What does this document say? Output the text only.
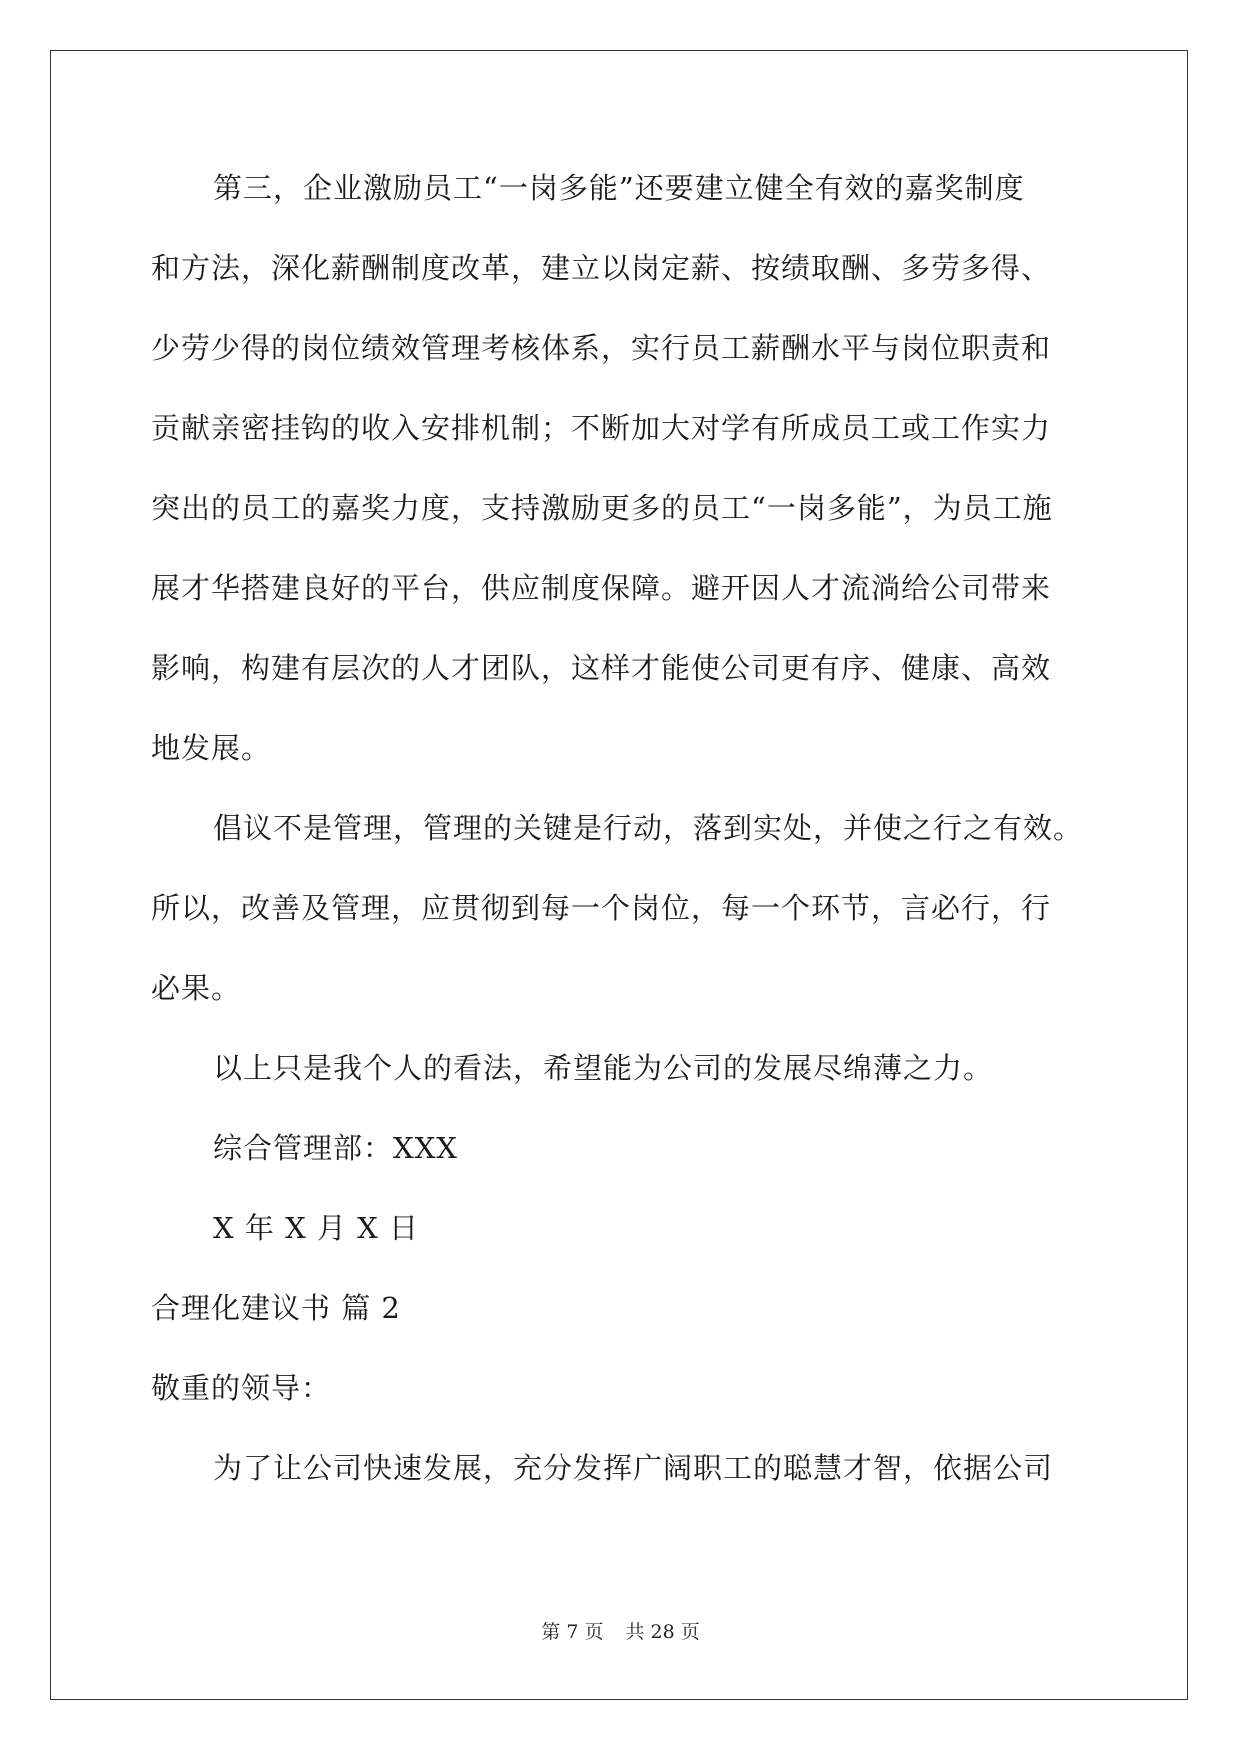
第三，企业激励员工“一岗多能”还要建立健全有效的嘉奖制度
和方法，深化薪酬制度改革，建立以岗定薪、按绩取酬、多劳多得、
少劳少得的岗位绩效管理考核体系，实行员工薪酬水平与岗位职责和
贡献亲密挂钩的收入安排机制；不断加大对学有所成员工或工作实力
突出的员工的嘉奖力度，支持激励更多的员工“一岗多能”，为员工施
展才华搭建良好的平台，供应制度保障。避开因人才流淌给公司带来
影响，构建有层次的人才团队，这样才能使公司更有序、健康、高效
地发展。
倡议不是管理，管理的关键是行动，落到实处，并使之行之有效。
所以，改善及管理，应贯彻到每一个岗位，每一个环节，言必行，行
必果。
以上只是我个人的看法，希望能为公司的发展尽绵薄之力。
综合管理部：XXX
X 年 X 月 X 日
合理化建议书 篇 2
敬重的领导：
为了让公司快速发展，充分发挥广阔职工的聪慧才智，依据公司
第 7 页 共 28 页
